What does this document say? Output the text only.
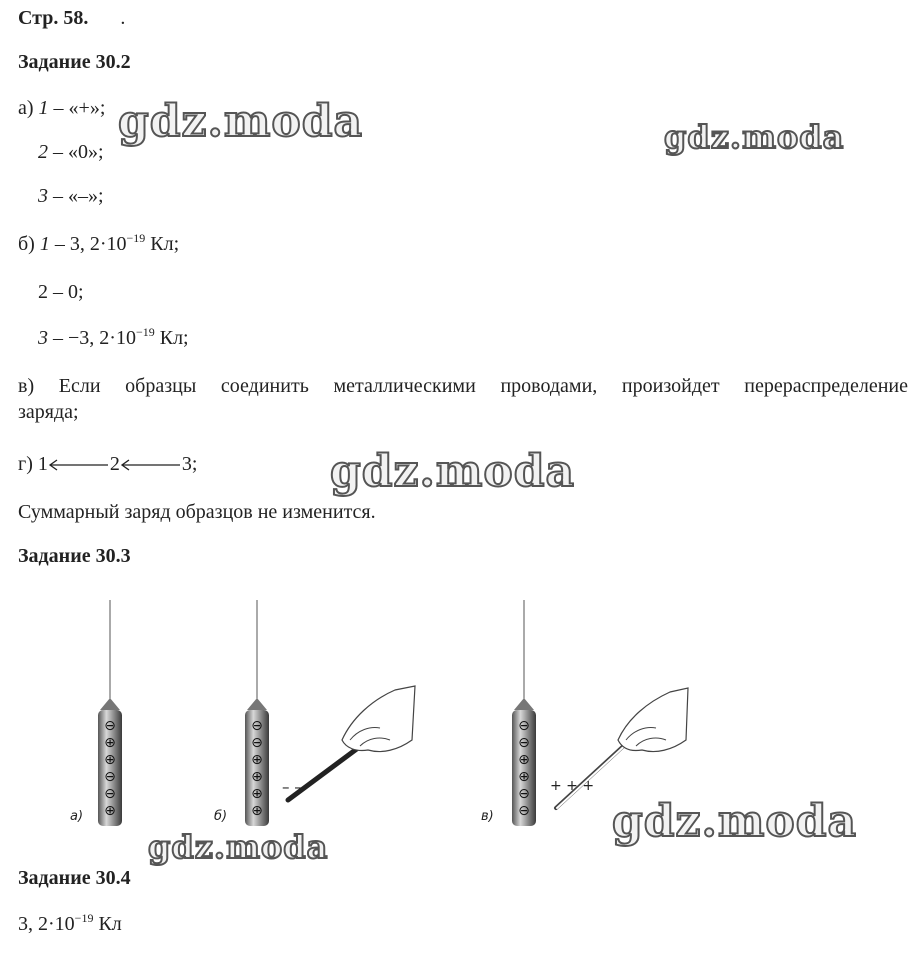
Стр. 58. .
Задание 30.2
а) 1 – «+»;
2 – «0»;
3 – «–»;
б) 1 – 3, $2\cdot 10^{-19}$ Кл;
2 – 0;
3 – −3, $2\cdot 10^{-19}$ Кл;
в) Если образцы соединить металлическими проводами, произойдет перераспределение
заряда;
г) 1	2	3;
Суммарный заряд образцов не изменится.
Задание 30.3
⊖
⊕
⊕
⊖
⊖
⊕
а)
⊖
⊖
⊕
⊕
⊕
⊕
б)
– –
⊖
⊖
⊕
⊕
⊖
⊖
в)
+ + +
Задание 30.4
3, $2\cdot 10^{-19}$ Кл
gdz.moda	gdz.moda
gdz.moda
gdz.moda	gdz.moda
